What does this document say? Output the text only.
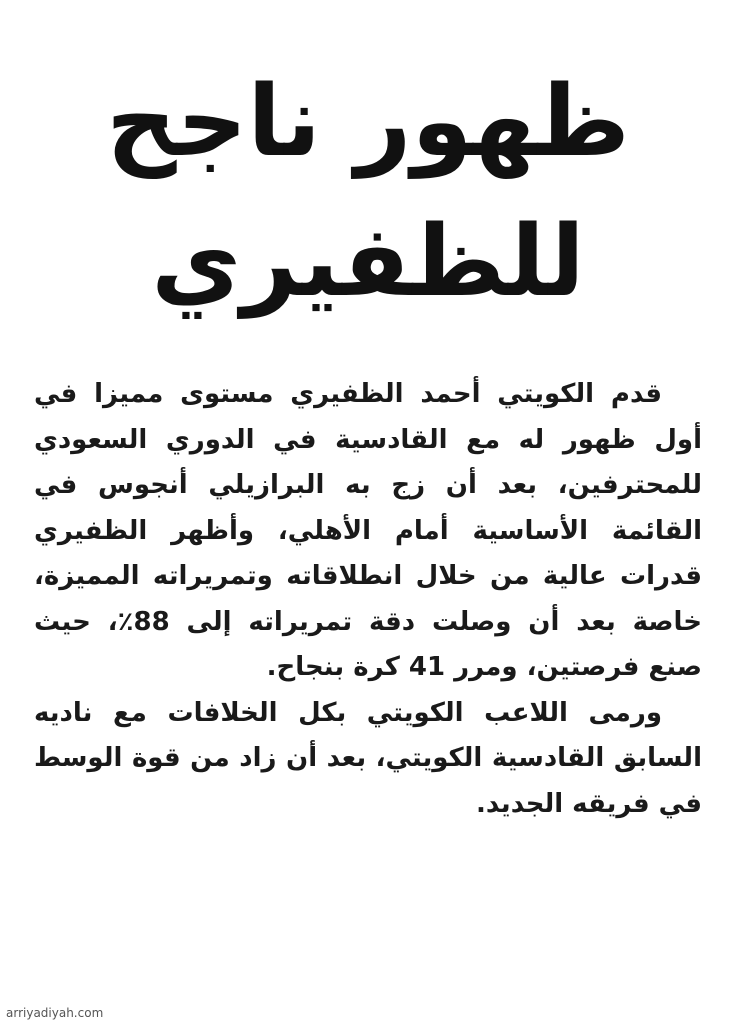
ظهور ناجح
للظفيري

قدم الكويتي أحمد الظفيري مستوى مميزا في أول ظهور له مع القادسية في الدوري السعودي للمحترفين، بعد أن زج به البرازيلي أنجوس في القائمة الأساسية أمام الأهلي، وأظهر الظفيري قدرات عالية من خلال انطلاقاته وتمريراته المميزة، خاصة بعد أن وصلت دقة تمريراته إلى 88٪، حيث صنع فرصتين، ومرر 41 كرة بنجاح.

ورمى اللاعب الكويتي بكل الخلافات مع ناديه السابق القادسية الكويتي، بعد أن زاد من قوة الوسط في فريقه الجديد.

arriyadiyah.com
